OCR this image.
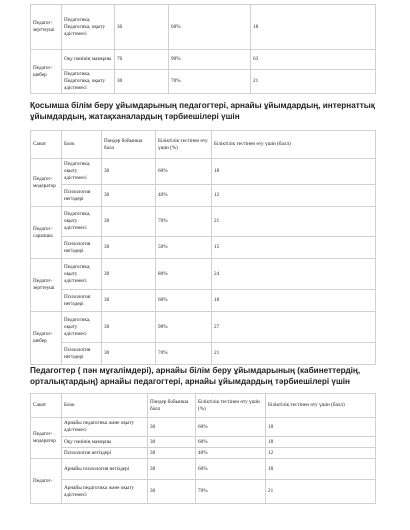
Педагог-зерттеуші	Педагогика, Педагогика, оқыту әдістемесі	30	60%	18
Педагог-шебер	Оқу пәнінің мазмұны	70	90%	63
	Педагогика, Педагогика, оқыту әдістемесі	30	70%	21
Қосымша білім беру ұйымдарының педагогтері, арнайы ұйымдардың, интернаттық ұйымдардың, жатақханалардың тәрбиешілері үшін
Санат	Блок	Пәндер бойынша балл	Біліктілік тестінен өту үшін (%)	Біліктілік тестінен өту үшін (балл)
Педагог-модератор	Педагогика, оқыту әдістемесі	30	60%	18
	Психология негіздері	30	40%	12
Педагог-сарапшы	Педагогика, оқыту әдістемесі	30	70%	21
	Психология негіздері	30	50%	15
Педагог-зерттеуші	Педагогика, оқыту әдістемесі	30	80%	24
	Психология негіздері	30	60%	18
Педагог-шебер	Педагогика, оқыту әдістемесі	30	90%	27
	Психология негіздері	30	70%	21
Педагогтер ( пән мұғалімдері), арнайы білім беру ұйымдарының (кабинеттердің, орталықтардың) арнайы педагогтері, арнайы ұйымдардың тәрбиешілері үшін
Санат	Блок	Пәндер бойынша балл	Біліктілік тестінен өту үшін (%)	Біліктілік тестінен өту үшін (балл)
Педагог-модератор	Арнайы педагогика және оқыту әдістемесі	30	60%	18
	Оқу пәнінің мазмұны	30	60%	18
	Психология негіздері	30	40%	12
Педагог-	Арнайы психология негіздері	30	60%	18
	Арнайы педагогика және оқыту әдістемесі	30	70%	21
